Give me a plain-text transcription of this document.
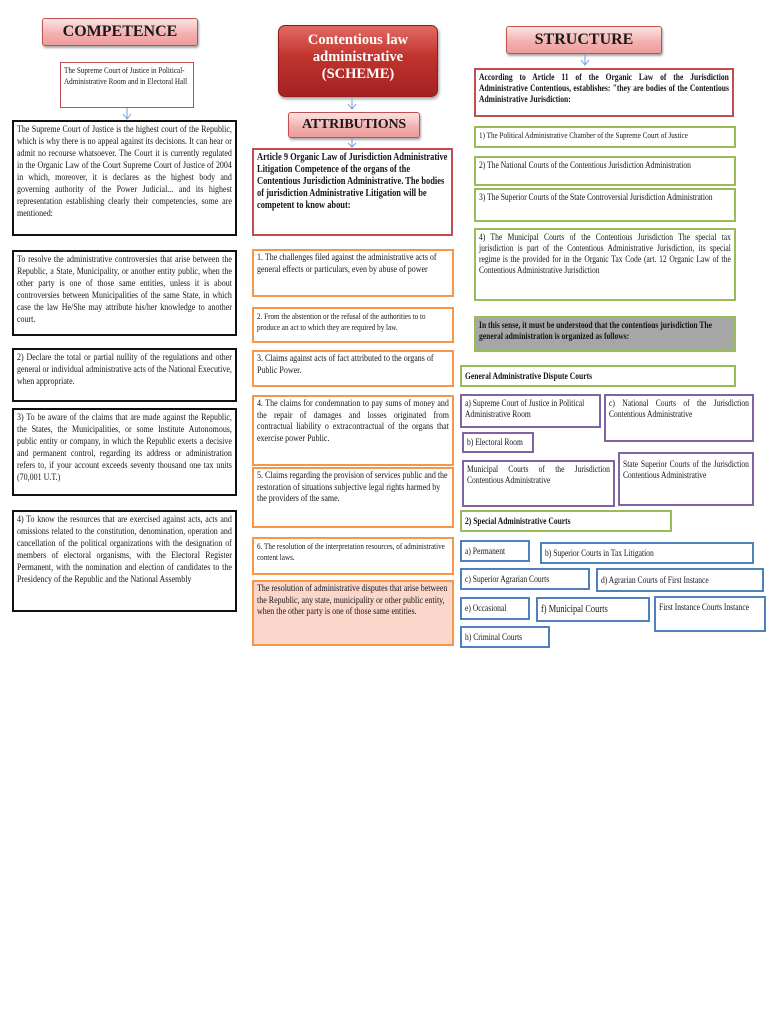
COMPETENCE
The Supreme Court of Justice in Political-Administrative Room and in Electoral Hall
The Supreme Court of Justice is the highest court of the Republic, which is why there is no appeal against its decisions. It can hear or admit no recourse whatsoever. The Court it is currently regulated in the Organic Law of the Court Supreme Court of Justice of 2004 in which, moreover, it is declares as the highest body and governing authority of the Power Judicial... and its highest representation establishing clearly their competencies, some are mentioned:
To resolve the administrative controversies that arise between the Republic, a State, Municipality, or another entity public, when the other party is one of those same entities, unless it is about controversies between Municipalities of the same State, in which case the law He/She may attribute his/her knowledge to another court.
2) Declare the total or partial nullity of the regulations and other general or individual administrative acts of the National Executive, when appropriate.
3) To be aware of the claims that are made against the Republic, the States, the Municipalities, or some Institute Autonomous, public entity or company, in which the Republic exerts a decisive and permanent control, regarding its address or administration refers to, if your account exceeds seventy thousand one tax units (70,001 U.T.)
4) To know the resources that are exercised against acts, acts and omissions related to the constitution, denomination, operation and cancellation of the political organizations with the designation of members of electoral organisms, with the Electoral Register Permanent, with the nomination and election of candidates to the Presidency of the Republic and the National Assembly
Contentious law
administrative
(SCHEME)
ATTRIBUTIONS
Article 9 Organic Law of Jurisdiction Administrative Litigation Competence of the organs of the Contentious Jurisdiction Administrative. The bodies of jurisdiction Administrative Litigation will be competent to know about:
1. The challenges filed against the administrative acts of general effects or particulars, even by abuse of power
2. From the abstention or the refusal of the authorities to to produce an act to which they are required by law.
3. Claims against acts of fact attributed to the organs of Public Power.
4. The claims for condemnation to pay sums of money and the repair of damages and losses originated from contractual liability o extracontractual of the organs that exercise power Public.
5. Claims regarding the provision of services public and the restoration of situations subjective legal rights harmed by the providers of the same.
6. The resolution of the interpretation resources, of administrative content laws.
The resolution of administrative disputes that arise between the Republic, any state, municipality or other public entity, when the other party is one of those same entities.
STRUCTURE
According to Article 11 of the Organic Law of the Jurisdiction Administrative Contentious, establishes: "they are bodies of the Contentious Administrative Jurisdiction:
1) The Political Administrative Chamber of the Supreme Court of Justice
2) The National Courts of the Contentious Jurisdiction Administration
3) The Superior Courts of the State Controversial Jurisdiction Administration
4) The Municipal Courts of the Contentious Jurisdiction The special tax jurisdiction is part of the Contentious Administrative Jurisdiction, its special regime is the provided for in the Organic Tax Code (art. 12 Organic Law of the Contentious Administrative Jurisdiction
In this sense, it must be understood that the contentious jurisdiction The general administration is organized as follows:
General Administrative Dispute Courts
a) Supreme Court of Justice in Political Administrative Room
c) National Courts of the Jurisdiction Contentious Administrative
b) Electoral Room
Municipal Courts of the Jurisdiction Contentious Administrative
State Superior Courts of the Jurisdiction Contentious Administrative
2) Special Administrative Courts
a) Permanent	b) Superior Courts in Tax Litigation
c) Superior Agrarian Courts	d) Agrarian Courts of First Instance
e) Occasional	f) Municipal Courts	First Instance Courts Instance
h) Criminal Courts
